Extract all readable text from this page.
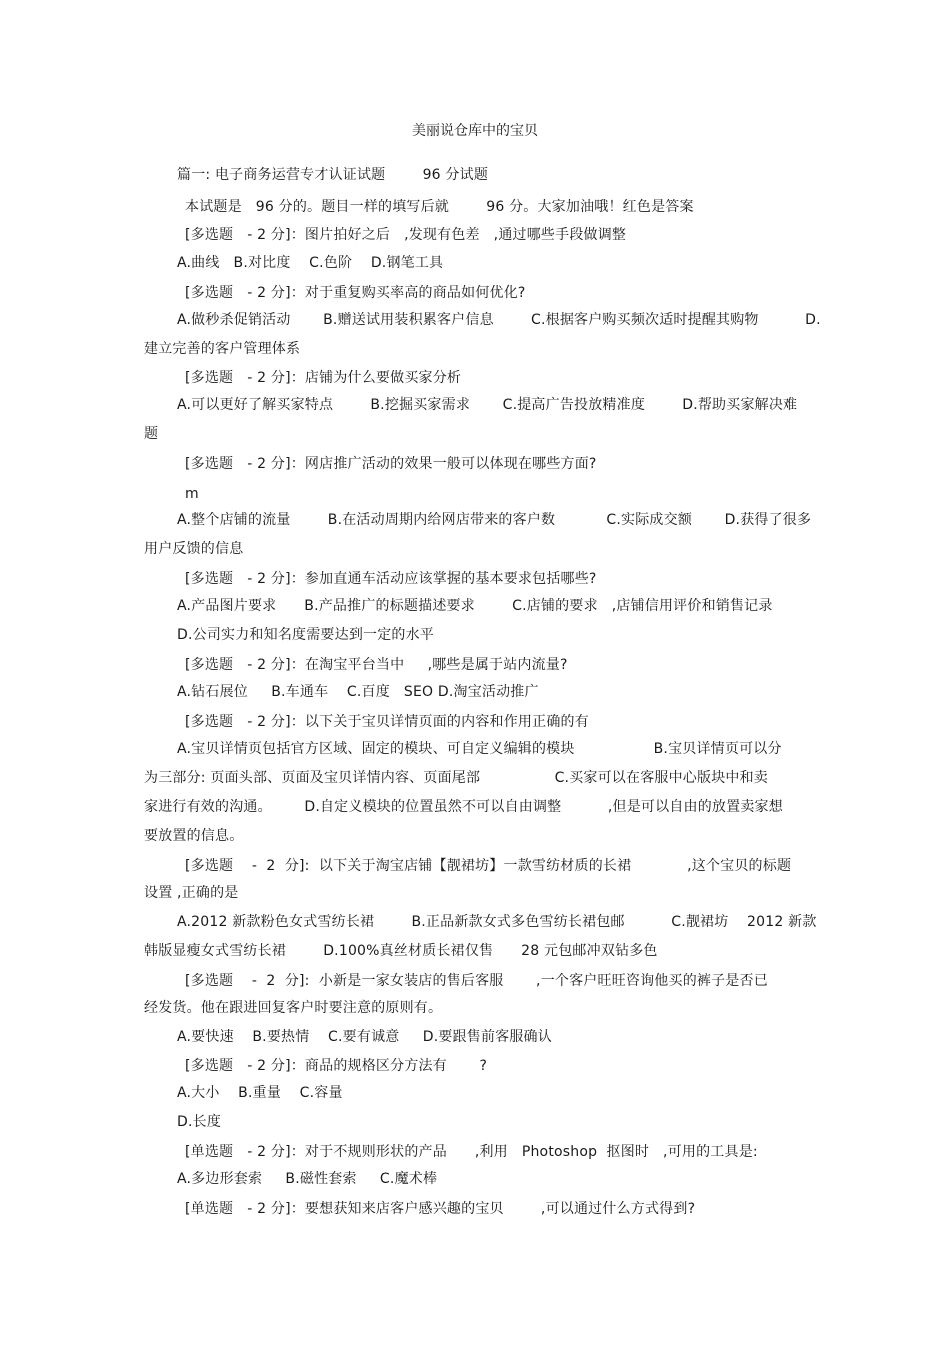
美丽说仓库中的宝贝
篇一: 电子商务运营专才认证试题        96 分试题
本试题是   96 分的。题目一样的填写后就        96 分。大家加油哦！红色是答案
[多选题   - 2 分]：图片拍好之后   ,发现有色差   ,通过哪些手段做调整
A.曲线   B.对比度    C.色阶    D.钢笔工具
[多选题   - 2 分]：对于重复购买率高的商品如何优化?
A.做秒杀促销活动       B.赠送试用装积累客户信息        C.根据客户购买频次适时提醒其购物          D.
建立完善的客户管理体系
[多选题   - 2 分]：店铺为什么要做买家分析
A.可以更好了解买家特点        B.挖掘买家需求       C.提高广告投放精准度        D.帮助买家解决难
题
[多选题   - 2 分]：网店推广活动的效果一般可以体现在哪些方面?
m
A.整个店铺的流量        B.在活动周期内给网店带来的客户数           C.实际成交额       D.获得了很多
用户反馈的信息
[多选题   - 2 分]：参加直通车活动应该掌握的基本要求包括哪些?
A.产品图片要求      B.产品推广的标题描述要求        C.店铺的要求   ,店铺信用评价和销售记录
D.公司实力和知名度需要达到一定的水平
[多选题   - 2 分]：在淘宝平台当中     ,哪些是属于站内流量?
A.钻石展位     B.车通车    C.百度   SEO D.淘宝活动推广
[多选题   - 2 分]：以下关于宝贝详情页面的内容和作用正确的有
A.宝贝详情页包括官方区域、固定的模块、可自定义编辑的模块                 B.宝贝详情页可以分
为三部分: 页面头部、页面及宝贝详情内容、页面尾部                C.买家可以在客服中心版块中和卖
家进行有效的沟通。       D.自定义模块的位置虽然不可以自由调整          ,但是可以自由的放置卖家想
要放置的信息。
[多选题    -  2  分]:  以下关于淘宝店铺【靓裙坊】一款雪纺材质的长裙            ,这个宝贝的标题
设置 ,正确的是
A.2012 新款粉色女式雪纺长裙        B.正品新款女式多色雪纺长裙包邮          C.靓裙坊    2012 新款
韩版显瘦女式雪纺长裙        D.100%真丝材质长裙仅售      28 元包邮冲双钻多色
[多选题    -  2  分]:  小新是一家女装店的售后客服       ,一个客户旺旺咨询他买的裤子是否已
经发货。他在跟进回复客户时要注意的原则有。
A.要快速    B.要热情    C.要有诚意     D.要跟售前客服确认
[多选题   - 2 分]：商品的规格区分方法有       ?
A.大小    B.重量    C.容量
D.长度
[单选题   - 2 分]：对于不规则形状的产品      ,利用   Photoshop  抠图时   ,可用的工具是:
A.多边形套索     B.磁性套索     C.魔术棒
[单选题   - 2 分]：要想获知来店客户感兴趣的宝贝        ,可以通过什么方式得到?
